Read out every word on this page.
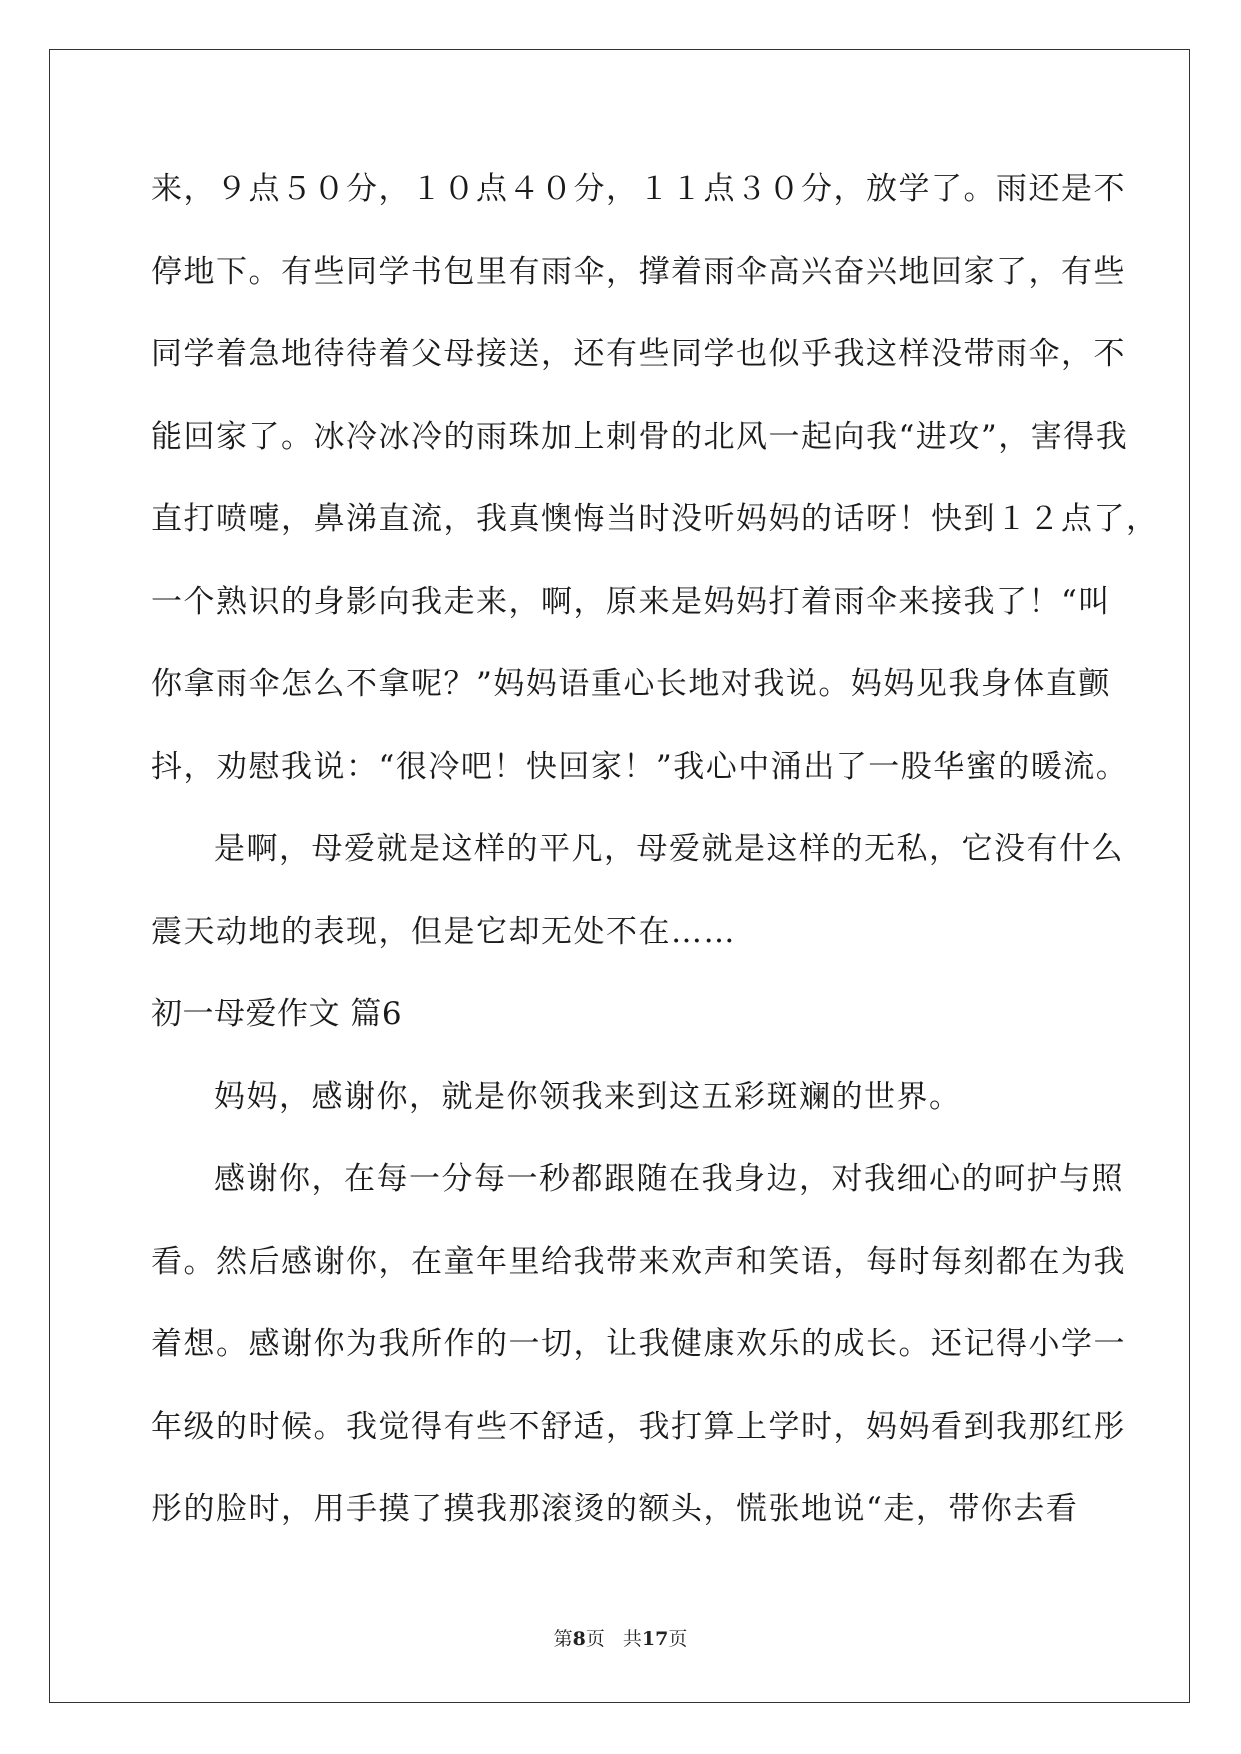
来，９点５０分，１０点４０分，１１点３０分，放学了。雨还是不
停地下。有些同学书包里有雨伞，撑着雨伞高兴奋兴地回家了，有些
同学着急地待待着父母接送，还有些同学也似乎我这样没带雨伞，不
能回家了。冰冷冰冷的雨珠加上刺骨的北风一起向我“进攻”，害得我
直打喷嚏，鼻涕直流，我真懊悔当时没听妈妈的话呀！快到１２点了，
一个熟识的身影向我走来，啊，原来是妈妈打着雨伞来接我了！“叫
你拿雨伞怎么不拿呢？”妈妈语重心长地对我说。妈妈见我身体直颤
抖，劝慰我说：“很冷吧！快回家！”我心中涌出了一股华蜜的暖流。
是啊，母爱就是这样的平凡，母爱就是这样的无私，它没有什么
震天动地的表现，但是它却无处不在……
初一母爱作文 篇6
妈妈，感谢你，就是你领我来到这五彩斑斓的世界。
感谢你，在每一分每一秒都跟随在我身边，对我细心的呵护与照
看。然后感谢你，在童年里给我带来欢声和笑语，每时每刻都在为我
着想。感谢你为我所作的一切，让我健康欢乐的成长。还记得小学一
年级的时候。我觉得有些不舒适，我打算上学时，妈妈看到我那红彤
彤的脸时，用手摸了摸我那滚烫的额头，慌张地说“走，带你去看
第8页 共17页
